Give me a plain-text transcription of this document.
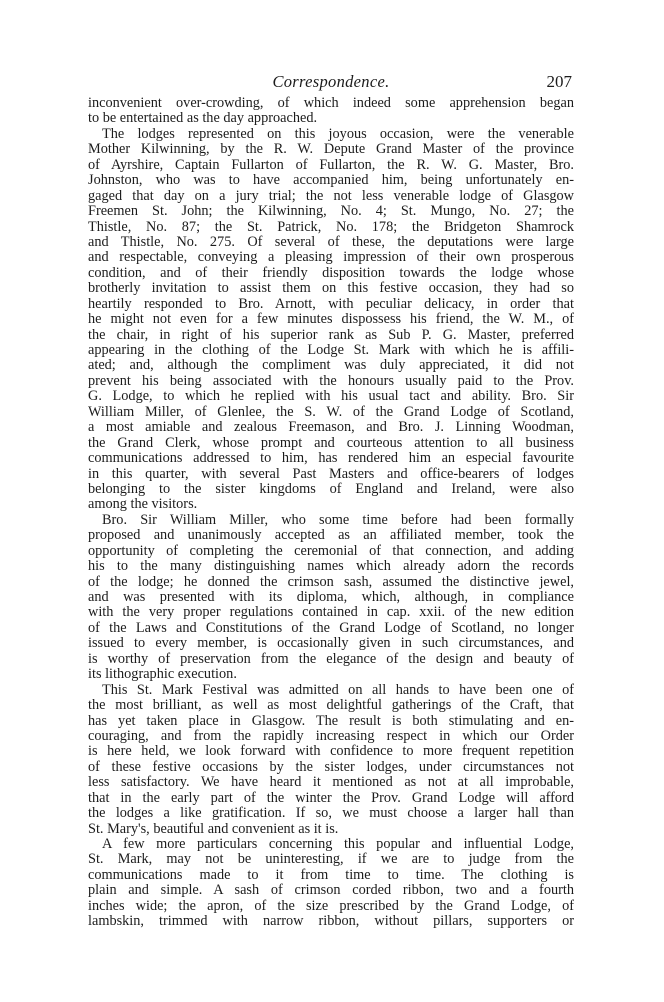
Correspondence.	207
inconvenient over-crowding, of which indeed some apprehension began
to be entertained as the day approached.
The lodges represented on this joyous occasion, were the venerable
Mother Kilwinning, by the R. W. Depute Grand Master of the province
of Ayrshire, Captain Fullarton of Fullarton, the R. W. G. Master, Bro.
Johnston, who was to have accompanied him, being unfortunately en-
gaged that day on a jury trial; the not less venerable lodge of Glasgow
Freemen St. John; the Kilwinning, No. 4; St. Mungo, No. 27; the
Thistle, No. 87; the St. Patrick, No. 178; the Bridgeton Shamrock
and Thistle, No. 275. Of several of these, the deputations were large
and respectable, conveying a pleasing impression of their own prosperous
condition, and of their friendly disposition towards the lodge whose
brotherly invitation to assist them on this festive occasion, they had so
heartily responded to Bro. Arnott, with peculiar delicacy, in order that
he might not even for a few minutes dispossess his friend, the W. M., of
the chair, in right of his superior rank as Sub P. G. Master, preferred
appearing in the clothing of the Lodge St. Mark with which he is affili-
ated; and, although the compliment was duly appreciated, it did not
prevent his being associated with the honours usually paid to the Prov.
G. Lodge, to which he replied with his usual tact and ability. Bro. Sir
William Miller, of Glenlee, the S. W. of the Grand Lodge of Scotland,
a most amiable and zealous Freemason, and Bro. J. Linning Woodman,
the Grand Clerk, whose prompt and courteous attention to all business
communications addressed to him, has rendered him an especial favourite
in this quarter, with several Past Masters and office-bearers of lodges
belonging to the sister kingdoms of England and Ireland, were also
among the visitors.
Bro. Sir William Miller, who some time before had been formally
proposed and unanimously accepted as an affiliated member, took the
opportunity of completing the ceremonial of that connection, and adding
his to the many distinguishing names which already adorn the records
of the lodge; he donned the crimson sash, assumed the distinctive jewel,
and was presented with its diploma, which, although, in compliance
with the very proper regulations contained in cap. xxii. of the new edition
of the Laws and Constitutions of the Grand Lodge of Scotland, no longer
issued to every member, is occasionally given in such circumstances, and
is worthy of preservation from the elegance of the design and beauty of
its lithographic execution.
This St. Mark Festival was admitted on all hands to have been one of
the most brilliant, as well as most delightful gatherings of the Craft, that
has yet taken place in Glasgow. The result is both stimulating and en-
couraging, and from the rapidly increasing respect in which our Order
is here held, we look forward with confidence to more frequent repetition
of these festive occasions by the sister lodges, under circumstances not
less satisfactory. We have heard it mentioned as not at all improbable,
that in the early part of the winter the Prov. Grand Lodge will afford
the lodges a like gratification. If so, we must choose a larger hall than
St. Mary's, beautiful and convenient as it is.
A few more particulars concerning this popular and influential Lodge,
St. Mark, may not be uninteresting, if we are to judge from the
communications made to it from time to time. The clothing is
plain and simple. A sash of crimson corded ribbon, two and a fourth
inches wide; the apron, of the size prescribed by the Grand Lodge, of
lambskin, trimmed with narrow ribbon, without pillars, supporters or
